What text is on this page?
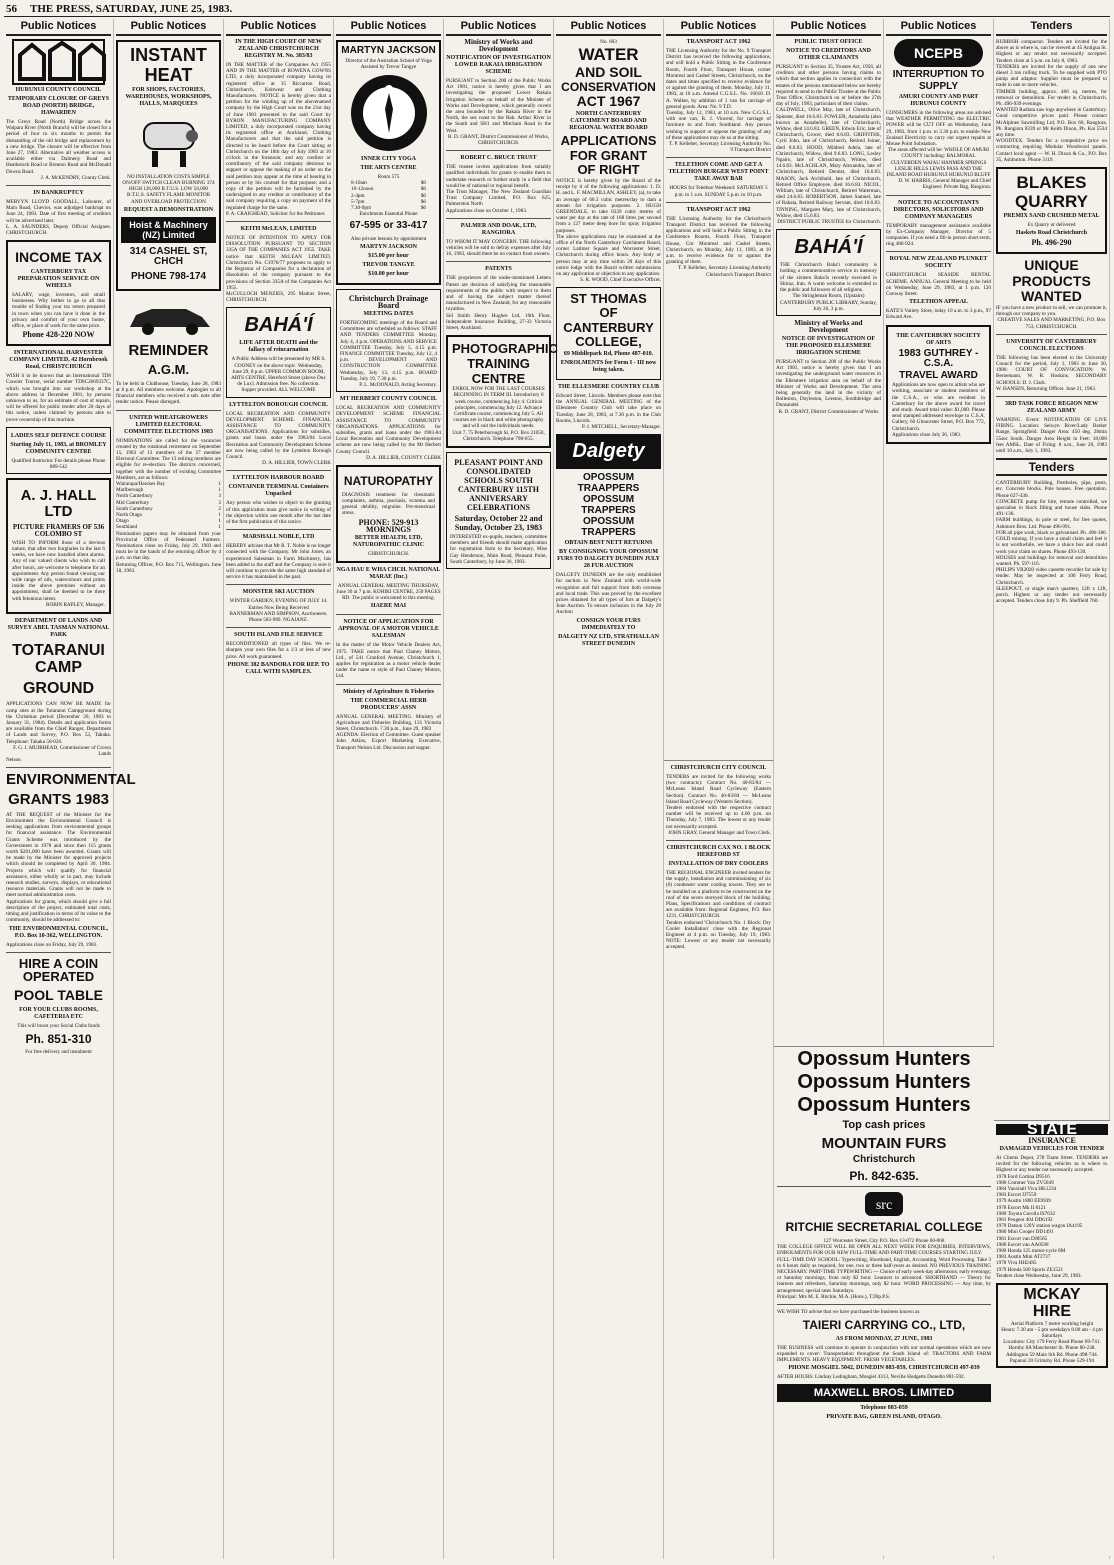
56 THE PRESS, SATURDAY, JUNE 25, 1983.
Public Notices
HURUNUI COUNTY COUNCIL
TEMPORARY CLOSURE OF GREYS ROAD (NORTH) BRIDGE, HAWARDEN
The Greys Road (North) Bridge across the Waipara River (North Branch) will be closed for a period of four to six months to permit the dismantling of the old bridge and replacement by a new bridge. The closure will be effective from June 27, 1983. Alternative all weather access is available either via Dalmeny Road and Heathstock Road or Brenton Road and McDonald Downs Road.
J. A. McKENDRY, County Clerk.
IN BANKRUPTCY
MERVYN LLOYD GOODALL, Labourer, of Main Road, Cheviot, was adjudged bankrupt on June 24, 1983. Date of first meeting of creditors will be advertised later.
L. A. SAUNDERS, Deputy Official Assignee. CHRISTCHURCH.
INCOME TAX
CANTERBURY TAX PREPARATION SERVICE ON WHEELS
SALARY, wage, investors, and small businesses. Why bother to go to all that trouble of finding your tax return prepared in town when you can have it done in the privacy and comfort of your own home, office, or place of work for the same price.
Phone 428-220 NOW
INTERNATIONAL HARVESTER COMPANY LIMITED, 42 Hornbrook Road, CHRISTCHURCH
WISH it to be known that an International TD8 Crawler Tractor, serial number TD8C2669337C, which was brought into our workshop at the above address in December 1981, by persons unknown to us, for an estimate of cost of repairs, will be offered for public tender after 28 days of this notice, unless claimed by persons able to prove ownership of this machine.
LADIES SELF DEFENCE COURSE
Starting July 11, 1983, at BROMLEY COMMUNITY CENTRE
Qualified Instructor. For details please Phone 889-542
A. J. HALL LTD
PICTURE FRAMERS OF 536 COLOMBO ST
WISH TO INFORM those of a devious nature, that after two burglaries in the last 6 weeks, we have now installed silent alarms. Any of our valued clients who wish to call after hours, are welcome to telephone for an appointment. Any person found viewing our wide range of oils, watercolours and prints inside the above premises without an appointment, shall be deemed to be there with felonious intent.
ROBIN RAPLEY, Manager.
DEPARTMENT OF LANDS AND SURVEY ABEL TASMAN NATIONAL PARK
TOTARANUI CAMP
GROUND
APPLICATIONS CAN NOW BE MADE for camp sites at the Totaranui Campground during the Christmas period (December 20, 1983 to January 31, 1984). Details and application forms are available from the Chief Ranger, Department of Lands and Survey, P.O. Box 53, Takaka. Telephone: Takaka 58-026.
F. G. J. MUIRHEAD, Commissioner of Crown Lands
Nelson
ENVIRONMENTAL
GRANTS 1983
AT THE REQUEST of the Minister for the Environment the Environmental Council is seeking applications from environmental groups for financial assistance. The Environmental Grants Scheme was introduced by the Government in 1978 and since then 115 grants worth $201,000 have been awarded. Grants will be made by the Minister for approved projects which should be completed by April 30, 1984. Projects which will qualify for financial assistance, either wholly or in part, may include research studies, surveys, displays, or educational resource materials. Grants will not be made to meet normal administration costs.
Applications for grants, which should give a full description of the project, estimated total costs, timing and justification in terms of its value to the community, should be addressed to:
THE ENVIRONMENTAL COUNCIL, P.O. Box 10-362, WELLINGTON.
Applications close on Friday, July 29, 1983.
HIRE A COIN OPERATED
POOL TABLE
FOR YOUR CLUBS ROOMS, CAFETERIA ETC
This will boost your Social Clubs funds
Ph. 851-310
For free delivery and instalment
Public Notices
INSTANT
HEAT
FOR SHOPS, FACTORIES, WAREHOUSES, WORKSHOPS, HALLS, MARQUEES
NO INSTALLATION COSTS SIMPLE ON/OFF SWITCH CLEAN BURNING 374 HIGH 126,000 B.T.U.S. LOW 56,000 B.T.U.S. SAFETY FLAME MONITOR AND OVERLOAD PROTECTION
REQUEST A DEMONSTRATION
Hoist & Machinery (NZ) Limited
314 CASHEL ST, CHCH
PHONE 798-174
REMINDER
A.G.M.
To be held in Clubhouse, Tuesday, June 28, 1983 at 8 p.m. All members welcome. Apologies to all financial members who received a sub. note after tender notice. Please disregard.
UNITED WHEATGROWERS LIMITED ELECTORAL COMMITTEE ELECTIONS 1983
NOMINATIONS are called for the vacancies created by the rotational retirement on September 15, 1983 of 13 members of the 27 member Electoral Committee. The 13 retiring members are eligible for re-election. The districts concerned, together with the number of existing Committee Members, are as follows:
Wairarapa/Hawkes Bay	1
Marlborough	1
North Canterbury	3
Mid Canterbury	3
South Canterbury	2
North Otago	1
Otago	1
Southland	1
Nomination papers may be obtained from your Provincial Office of Federated Farmers. Nominations close on Friday, July 29, 1983 and must be in the hands of the returning officer by 4 p.m. on that day.
Returning Officer, P.O. Box 715, Wellington. June 18, 1983.
Public Notices
IN THE HIGH COURT OF NEW ZEALAND CHRISTCHURCH REGISTRY M. No. 383/83
IN THE MATTER of the Companies Act 1955 AND IN THE MATTER of ROWENA GOWNS LTD, a duly incorporated company having its registered office at 35 Riccarton Road, Christchurch, Knitwear and Clothing Manufacturers. NOTICE is hereby given that a petition for the winding up of the abovenamed company by the High Court was on the 21st day of June 1983 presented to the said Court by BYRON MANUFACTURING COMPANY LIMITED, a duly incorporated company having its registered office at Auckland, Clothing Manufacturers and that the said petition is directed to be heard before the Court sitting at Christchurch on the 18th day of July 1983 at 10 o'clock in the forenoon; and any creditor or contributory of the said company desirous to support or oppose the making of an order on the said petition may appear at the time of hearing in person or by his counsel for that purpose; and a copy of the petition will be furnished by the undersigned to any creditor or contributory of the said company requiring a copy on payment of the regulated charge for the same.
P. A. CRAIGHEAD, Solicitor for the Petitioner.
KEITH McLEAN, LIMITED
NOTICE OF INTENTION TO APPLY FOR DISSOLUTION PURSUANT TO SECTION 335A OF THE COMPANIES ACT 1955. TAKE notice that KEITH McLEAN LIMITED, Christchurch No. C1976/77 proposes to apply to the Registrar of Companies for a declaration of dissolution of the company pursuant to the provisions of Section 335A of the Companies Act 1955.
McCULLOCH MENZIES, 295 Madras Street, CHRISTCHURCH.
BAHÁ'Í
LIFE AFTER DEATH and the fallacy of reincarnation
A Public Address will be presented by MR S. COONEY on the above topic. Wednesday, June 29, 8 p.m. UPPER COMMON ROOM, ARTS CENTRE, Hereford Street (above Dux de Lux). Admission free. No collection. Supper provided. ALL WELCOME
LYTTELTON BOROUGH COUNCIL
LOCAL RECREATION AND COMMUNITY DEVELOPMENT SCHEME. FINANCIAL ASSISTANCE TO COMMUNITY ORGANISATIONS. Applications for subsidies, grants and loans under the 1983/84 Local Recreation and Community Development Scheme are now being called by the Lyttelton Borough Council.
D. A. HILLIER, TOWN CLERK
LYTTELTON HARBOUR BOARD
CONTAINER TERMINAL Containers Unpacked
Any person who wishes to object to the granting of this application must give notice in writing of the objection within one month after the last date of the first publication of this notice.
MARSHALL NOBLE, LTD
HEREBY advises that Mr R. T. Noble is no longer connected with the Company. Mr John Jones, an experienced Salesman in Farm Machinery, has been added to the staff and the Company is sure it will continue to provide the same high standard of service it has maintained in the past.
MONSTER SKI AUCTION
WINTER GARDEN, EVENING OF JULY 14. Entries Now Being Received
BANNERMAN AND SIMPSON, Auctioneers. Phone 583-989. NGAIANZ.
SOUTH ISLAND FILE SERVICE
RECONDITIONED all types of files. We re-sharpen your own files for a 1/3 or less of new price. All work guaranteed.
PHONE 382 BANDORA FOR REP. TO CALL WITH SAMPLES.
Public Notices
MARTYN JACKSON
Director of the Australian School of Yoga
Assisted by Trevor Tangye
INNER CITY YOGA
THE ARTS CENTRE
Room 575
8-10am	$6
10-12noon	$6
2-4pm	$6
5-7pm	$6
7.30-9pm	$6
Enrolments Essential Phone
67-595 or 33-417
Also private lessons by appointment
MARTYN JACKSON
$15.00 per hour
TREVOR TANGYE
$10.00 per hour
Christchurch Drainage Board
MEETING DATES
FORTHCOMING meetings of the Board and Committees are scheduled as follows: STAFF AND TENDERS COMMITTEE Monday, July 4, 4 p.m. OPERATIONS AND SERVICE COMMITTEE Tuesday, July 5, 4.15 p.m. FINANCE COMMITTEE Tuesday, July 12, 4 p.m. DEVELOPMENT AND CONSTRUCTION COMMITTEE Wednesday, July 13, 4.15 p.m. BOARD Tuesday, July 19, 7.30 p.m.
P. L. McDONALD, Acting Secretary.
MT HERBERT COUNTY COUNCIL
LOCAL RECREATION AND COMMUNITY DEVELOPMENT SCHEME FINANCIAL ASSISTANCE TO COMMUNITY ORGANISATIONS. APPLICATIONS for subsidies, grants and loans under the 1983-84 Local Recreation and Community Development scheme are now being called by the Mt Herbert County Council.
D. A. HILLIER, COUNTY CLERK
NATUROPATHY
DIAGNOSIS treatment for rheumatic complaints, asthma, psoriasis, eczema and general debility, migraine. Pre-menstrual stress.
PHONE: 529-913 MORNINGS
BETTER HEALTH, LTD, NATUROPATHIC CLINIC
CHRISTCHURCH.
NGA HAU E WHA CHCH. NATIONAL MARAE (Inc.)
ANNUAL GENERAL MEETING THURSDAY, June 30 at 7 p.m. KOHIKI CENTRE, 250 PAGES RD. The public is welcomed to this meeting.
HAERE MAI
NOTICE OF APPLICATION FOR APPROVAL OF A MOTOR VEHICLE SALESMAN
In the matter of the Motor Vehicle Dealers Act, 1975. TAKE notice that Paul Chaney Motors, Ltd., of 541 Cranford Avenue, Christchurch 1, applies for registration as a motor vehicle dealer under the name or style of Paul Chaney Motors, Ltd.
Ministry of Agriculture & Fisheries
THE COMMERCIAL HERB PRODUCERS' ASSN
ANNUAL GENERAL MEETING. Ministry of Agriculture and Fisheries Building, 131 Victoria Street, Christchurch. 7.30 p.m., June 29, 1983
AGENDA: Election of Committee. Guest speaker John Atkins, Export Marketing Executive, Transport Nelson Ltd. Discussion and supper.
Public Notices
Ministry of Works and Development
NOTIFICATION OF INVESTIGATION LOWER RAKAIA IRRIGATION SCHEME
PURSUANT to Section 200 of the Public Works Act 1981, notice is hereby given that I am investigating the proposed Lower Rakaia Irrigation Scheme on behalf of the Minister of Works and Development, which generally covers the area bounded by the Rakaia River in the North, the sea coast to the Rak. Arthur River in the South and SH1 and Mitcham Road in the West.
R. D. GRANT, District Commissioner of Works, CHRISTCHURCH.
ROBERT C. BRUCE TRUST
THE trustee invites applications from suitably qualified individuals for grants to enable them to undertake research or further study in a field that would be of national or regional benefit.
The Trust Manager, The New Zealand Guardian Trust Company Limited, P.O. Box 625, Palmerston North
Applications close on October 1, 1983.
PALMER AND DOAK, LTD, RANGIORA
TO WHOM IT MAY CONCERN. THE following vehicles will be sold to defray expenses after July 16, 1983, should there be no contact from owners.
PATENTS
THE proprietors of the under-mentioned Letters Patent are desirous of satisfying the reasonable requirements of the public with respect to them and of having the subject matter thereof manufactured in New Zealand, for any reasonable royalties.
Sid Smith Henry Hughes Ltd, 10th Floor, Independent Insurance Building, 27-33 Victoria Street, Auckland.
PHOTOGRAPHIC
TRAINING
CENTRE
ENROL NOW FOR THE LAST COURSES BEGINNING IN TERM III. Introductory 8 week course, commencing July 4. Critical principles, commencing July 12. Advance Certificate course, commencing July 5. All courses are in black and white photography and will suit the individuals needs.
Unit 7, 75 Peterborough St, P.O. Box 21050, Christchurch. Telephone 798-655.
PLEASANT POINT AND CONSOLIDATED SCHOOLS SOUTH CANTERBURY 115TH ANNIVERSARY CELEBRATIONS
Saturday, October 22 and Sunday, October 23, 1983
INTERESTED ex-pupils, teachers, committee members and friends should make application for registration form to the Secretary, Miss Gay Henderson, Main Road, Pleasant Point, South Canterbury, by June 30, 1983.
Public Notices
No. 603
WATER
AND SOIL
CONSERVATION
ACT 1967
NORTH CANTERBURY CATCHMENT BOARD AND REGIONAL WATER BOARD
APPLICATIONS
FOR GRANT
OF RIGHT
NOTICE is hereby given by the Board of the receipt by it of the following applications: 1. D. H. and L. F. MACMILLAN, ASHLEY, (a), to take an average of 60.3 cubic metres/day to dam a stream for irrigation purposes. 2. HUGH GREENDALE, to take 6339 cubic metres of water per day at the rate of 168 litres per second from a 127 metre deep bore for spray irrigation purposes.
The above applications may be examined at the office of the North Canterbury Catchment Board, corner Latimer Square and Worcester Street, Christchurch during office hours. Any body or person may at any time within 28 days of this notice lodge with the Board written submissions on any application or objection to any application.
S. R. WOOD, Chief Executive Officer.
ST THOMAS OF
CANTERBURY
COLLEGE,
69 Middlepark Rd, Phone 487-010.
ENROLMENTS for Form I - III now being taken.
THE ELLESMERE COUNTRY CLUB
Edward Street, Lincoln. Members please note that the ANNUAL GENERAL MEETING of the Ellesmere Country Club will take place on Tuesday, June 28, 1983, at 7.30 p.m. in the Club Rooms, Lincoln.
P. J. MITCHELL, Secretary-Manager.
Dalgety
OPOSSUM TRAAPPERS
OPOSSUM TRAPPERS
OPOSSUM TRAPPERS
OBTAIN BEST NETT RETURNS
BY CONSIGNING YOUR OPOSSUM FURS TO DALGETY DUNEDIN JULY 28 FUR AUCTION
DALGETY DUNEDIN are the only established fur auction in New Zealand with world-wide recognition and full support from both overseas and local trade. This was proved by the excellent prices obtained for all types of furs at Dalgety's June Auction. To ensure inclusion in the July 28 Auction
CONSIGN YOUR FURS IMMEDIATELY TO
DALGETY NZ LTD, STRATHALLAN STREET DUNEDIN
Public Notices
TRANSPORT ACT 1962
THE Licensing Authority for the No. 9 Transport District has received the following applications, and will hold a Public Sitting in the Conference Room, Fourth Floor, Transport House, corner Montreal and Cashel Streets, Christchurch, on the dates and times specified to receive evidence for or against the granting of them. Monday, July 11, 1983, at 10 a.m. Amend C.G.S.L. No. 16010. D. A. Walker, by addition of 1 van for carriage of general goods. Area: No. 9 T.D.
Tuesday, July 12, 1983, at 10 a.m. New C.G.S.L. with one van, R. J. Vincent, for carriage of furniture to and from Southland. Any person wishing to support or oppose the granting of any of these applications may do so at the sitting.
T. P. Kelleher, Secretary Licensing Authority No. 9 Transport District
TELETHON COME AND GET A TELETHON BURGER WEST POINT TAKE AWAY BAR
HOURS for Telethon Weekend: SATURDAY 5 p.m. to 1 a.m. SUNDAY 5 p.m. to 10 p.m.
TRANSPORT ACT 1962
THE Licensing Authority for the Christchurch Transport District has received the following applications and will hold a Public Sitting in the Conference Rooms, Fourth Floor, Transport House, Cnr Montreal and Cashel Streets, Christchurch, on Monday, July 11, 1983, at 10 a.m. to receive evidence for or against the granting of them.
T. P. Kelleher, Secretary Licensing Authority Christchurch Transport District
Public Notices
PUBLIC TRUST OFFICE
NOTICE TO CREDITORS AND OTHER CLAIMANTS
PURSUANT to Section 35, Trustee Act, 1956, all creditors and other persons having claims to which that section applies in connection with the estates of the persons mentioned below are hereby required to send to the Public Trustee at the Public Trust Office, Christchurch on or before the 27th day of July, 1983, particulars of their claims.
CALDWELL, Olive May, late of Christchurch, Spinster, died 16.6.83. FOWLER, Annabella (also known as Annabelle), late of Christchurch, Widow, died 14.6.83. GREEN, Edwin Eric, late of Christchurch, Grocer, died 8.6.83. GRIFFITHS, Cyril John, late of Christchurch, Retired Joiner, died 8.6.83. HOOD, Mildred Adela, late of Christchurch, Widow, died 9.6.83. LONG, Lesley Ngairo, late of Christchurch, Widow, died 14.6.83. McLACHLAN, Mary Alexandra, late of Christchurch, Retired Dentist, died 16.6.83. MASON, Jack Archibald, late of Christchurch, Retired Office Employee, died 16.6.83. NICOL, William, late of Christchurch, Retired Waterman, died 24.6.83. ROBERTSON, James Samuel, late of Rakaia, Retired Railway Servant, died 10.6.83. TINNING, Margaret Mary, late of Christchurch, Widow, died 15.6.83.
DISTRICT PUBLIC TRUSTEE for Christchurch.
BAHÁ'Í
THE Christchurch Baha'i community is holding a commemorative service in memory of the sixteen Baha'is recently executed in Shiraz, Iran. A warm welcome is extended to the public and followers of all religions.
The Stringleman Room, (Upstairs) CANTERBURY PUBLIC LIBRARY, Sunday, July 26, 3 p.m.
Ministry of Works and Development
NOTICE OF INVESTIGATION OF THE PROPOSED ELLESMERE IRRIGATION SCHEME
PURSUANT to Section 200 of the Public Works Act 1981, notice is hereby given that I am investigating the underground water resources in the Ellesmere irrigation area on behalf of the Minister of Works and Development. The area being generally the land in the vicinity of Rolleston, Doyleston, Leeston, Southbridge and Dunsandel.
R. D. GRANT, District Commissioner of Works
Public Notices
NCEPB
INTERRUPTION TO
SUPPLY
AMURI COUNTY AND PART HURUNUI COUNTY
CONSUMERS in the following areas are advised that WEATHER PERMITTING the ELECTRIC POWER will be CUT OFF on Wednesday, June 29, 1983, from 1 p.m. to 3.30 p.m. to enable New Zealand Electricity to carry out urgent repairs at Mouse Point Substation.
The areas affected will be: WHOLE OF AMURI COUNTY including: BALMORAL CULVERDEN WAIAU HANMER SPRINGS LESLIE HILLS LEWIS PASS AND THE INLAND ROAD HURUNUI HURUNUI BLUFF
D. W. HARRIS, General Manager and Chief Engineer. Private Bag, Rangiora.
NOTICE TO ACCOUNTANTS DIRECTORS, SOLICITORS AND COMPANY MANAGERS
TEMPORARY management assistance available by Ex-Company Manager, Director of 5 companies. If you need a fill-in person short-term, ring 486-924.
ROYAL NEW ZEALAND PLUNKET SOCIETY
CHRISTCHURCH SEASIDE RENTAL SCHEME. ANNUAL General Meeting to be held on Wednesday, June 29, 1983, at 1 p.m. 120 Conway Street.
TELETHON APPEAL
KATE'S Variety Store, today 10 a.m. to 3 p.m., 97 Edward Ave.
THE CANTERBURY SOCIETY OF ARTS
1983 GUTHREY - C.S.A.
TRAVEL AWARD
Applications are now open to artists who are working, associate or student members of the C.S.A., or who are resident in Canterbury for the above award for travel and study. Award total value: $1,000. Please send stamped addressed envelope to C.S.A. Gallery, 66 Gloucester Street, P.O. Box 772, Christchurch.
Applications close July 26, 1983.
Opossum Hunters
Opossum Hunters
Opossum Hunters
Top cash prices
MOUNTAIN FURS
Christchurch
Ph. 842-635.
src
RITCHIE SECRETARIAL COLLEGE
127 Worcester Street, City P.O. Box 13-072 Phone 60-068
THE COLLEGE OFFICE WILL BE OPEN ALL NEXT WEEK FOR ENQUIRIES, INTERVIEWS, ENROLMENTS FOR OUR NEW FULL-TIME AND PART-TIME COURSES STARTING JULY.
FULL-TIME DAY SCHOOL: Typewriting, Shorthand, English, Accounting, Word Processing. Take 3 to 6 hours daily as required, for one, two or three half-years as desired. NO PREVIOUS TRAINING NECESSARY. PART-TIME TYPEWRITING — Choice of early week-day afternoons; early evenings; or Saturday mornings, from only $2 hour. Learners to advanced. SHORTHAND — Theory for learners and refreshers, Saturday mornings, only $2 hour. WORD PROCESSING — Any time, by arrangement; special rates Saturdays.
Principal: Mrs M. E. Ritchie, M.A. (Hons.), T.Dip.P.S.
WE WISH TO advise that we have purchased the business known as
TAIERI CARRYING CO., LTD,
AS FROM MONDAY, 27 JUNE, 1983
THE BUSINESS will continue to operate in conjunction with our normal operations which are now expanded to cover: Transportation throughout the South Island of: TRACTORS AND FARM IMPLEMENTS. HEAVY EQUIPMENT. FRESH VEGETABLES.
PHONE MOSGIEL 5042, DUNEDIN 883-059, CHRISTCHURCH 497-039
AFTER HOURS: Lindsay Ledingham, Mosgiel 4313, Neville Hodgetts Dunedin 881-592.
MAXWELL BROS. LIMITED
Telephone 883-059
PRIVATE BAG, GREEN ISLAND, OTAGO.
Tenders
RUBBISH compactor. Tenders are invited for the above as is where is, can be viewed at 45 Antigua St. Highest or any tender not necessarily accepted. Tenders close at 5 p.m. on July 8, 1983.
TENDERS are invited for the supply of one new diesel 3 ton rolling truck. To be supplied with PTO pump and adaptor. Supplier must be prepared to trade in one or more vehicles.
TIMBER building, approx. 466 sq. metres, for removal or demolition. For tender in Christchurch. Ph. 496-939 evenings.
WANTED Radiata saw logs anywhere in Canterbury. Good competitive prices paid. Please contact McAlpines Sawmilling Ltd, P.O. Box 60, Rangiora. Ph. Rangiora 8339 or Mr Keith Dixon, Ph. Kai 5534 any time.
WOODTEX. Tenders for a competitive price on contracting requiring Modular Woodwool panels. Contact local agent — W. H. Dixon & Co., P.O. Box 35, Ashburton. Phone 3119.
BLAKES
QUARRY
PREMIX SAND CRUSHED METAL
Ex Quarry or delivered
Haskets Road Christchurch
Ph. 496-290
UNIQUE
PRODUCTS
WANTED
IF you have a new product to sell, we can promote it, through our company to you.
CREATIVE SALES AND MARKETING, P.O. Box 753, CHRISTCHURCH.
UNIVERSITY OF CANTERBURY COUNCIL ELECTIONS
THE following has been elected to the University Council for the period, July 1, 1983 to June 30, 1986: COURT OF CONVOCATION: W. Bernemann, W. R. Hoskins. SECONDARY SCHOOLS: D. J. Clark.
W. HANSEN, Returning Officer. June 21, 1983.
3RD TASK FORCE REGION NEW ZEALAND ARMY
WARNING. Event: NOTIFICATION OF LIVE FIRING. Location: Selwyn River/Lady Barker Range, Springfield. Danger Area: 450 deg. 28min 55sec South. Danger Area Height in Feet: 18,000 feet AMSL. Date of Firing: 8 a.m., June 28, 1983 until 10 a.m., July 1, 1983.
Tenders
CANTERBURY Building, Postholes, pipe, posts, etc. Concrete blocks. Pole houses. Free quotation. Phone 627-430.
CONCRETE pump for hire, remote controlled, we specialise in block filling and house slabs. Phone 491-136.
FARM buildings, in pole or steel, for free quotes, Ashmore Bros. Ltd. Phone 496-991.
FOR all pipe work, black or galvanised. Ph. 496-186.
GOLD mining. If you have a small claim and feel it is not worthwhile, we have a sluice box and could work your claim on shares. Phone 493-130.
HOUSES and buildings for removal and demolition wanted. Ph. 597-116.
PHILIPS VR2020 video cassette recorder for sale by tender. May be inspected at 100 Ferry Road, Christchurch.
SLEEPOUT, or single man's quarters, 12ft x 12ft, porch. Highest or any tender not necessarily accepted. Tenders close July 9. Ph. Sheffield 760.
STATE
INSURANCE
DAMAGED VEHICLES FOR TENDER
At Clients Depot, 278 Tuam Street. TENDERS are invited for the following vehicles as is where is. Highest or any tender not necessarily accepted.
1978 Ford Cortina D9516
1980 Commer Van ZV5049
1984 Vauxhall Viva HK1234
1983 Escort IJ7559
1979 Austin 1800 EE9939
1978 Escort Mk II 8121
1980 Toyota Corolla IS7632
1981 Peugeot 404 DD6192
1979 Datsun 120Y station wagon IA4195
1980 Mini Cooper DD1491
1981 Escort van DJ8565
1980 Escort van AA0598
1980 Honda 125 motor-cycle 8M
1983 Austin Mini AT2737
1978 Viva HH2485
1979 Honda 500 Sports ZE1521
Tenders close Wednesday, June 29, 1983.
MCKAY
HIRE
Aerial Platform 7 metre working height
Hours: 7.30 am - 5 pm weekdays 8.00 am - 4 pm Saturdays
Locations: City 179 Ferry Road Phone 69-741. Hornby 8A Manchester St. Phone 80-238. Addington 59 Main Sth Rd. Phone 498-744. Papanui 20 Grimsby Rd. Phone 529-194
CHRISTCHURCH CITY COUNCIL
TENDERS are invited for the following works (two contracts): Contract No. 40-83/84 — McLeans Island Road Cycleway (Eastern Section). Contract No. 40-83/84 — McLeans Island Road Cycleway (Western Section).
Tenders endorsed with the respective contract number will be received up to 4.00 p.m. on Thursday, July 7, 1983. The lowest or any tender not necessarily accepted.
JOHN GRAY, General Manager and Town Clerk.
CHRISTCHURCH CAX NO. 1 BLOCK HEREFORD ST
INSTALLATION OF DRY COOLERS
THE REGIONAL ENGINEER invited tenders for the supply, installation and commissioning of six (6) condenser water cooling towers. They are to be installed on a platform to be constructed on the roof of the seven storeyed block of the building. Plans, Specifications and conditions of contract are available from: Regional Engineer, P.O. Box 1231, CHRISTCHURCH.
Tenders endorsed 'Christchurch No. 1 Block: Dry Cooler Installation' close with the Regional Engineer at 4 p.m. on Tuesday, July 19, 1983. NOTE: Lowest or any tender not necessarily accepted.
